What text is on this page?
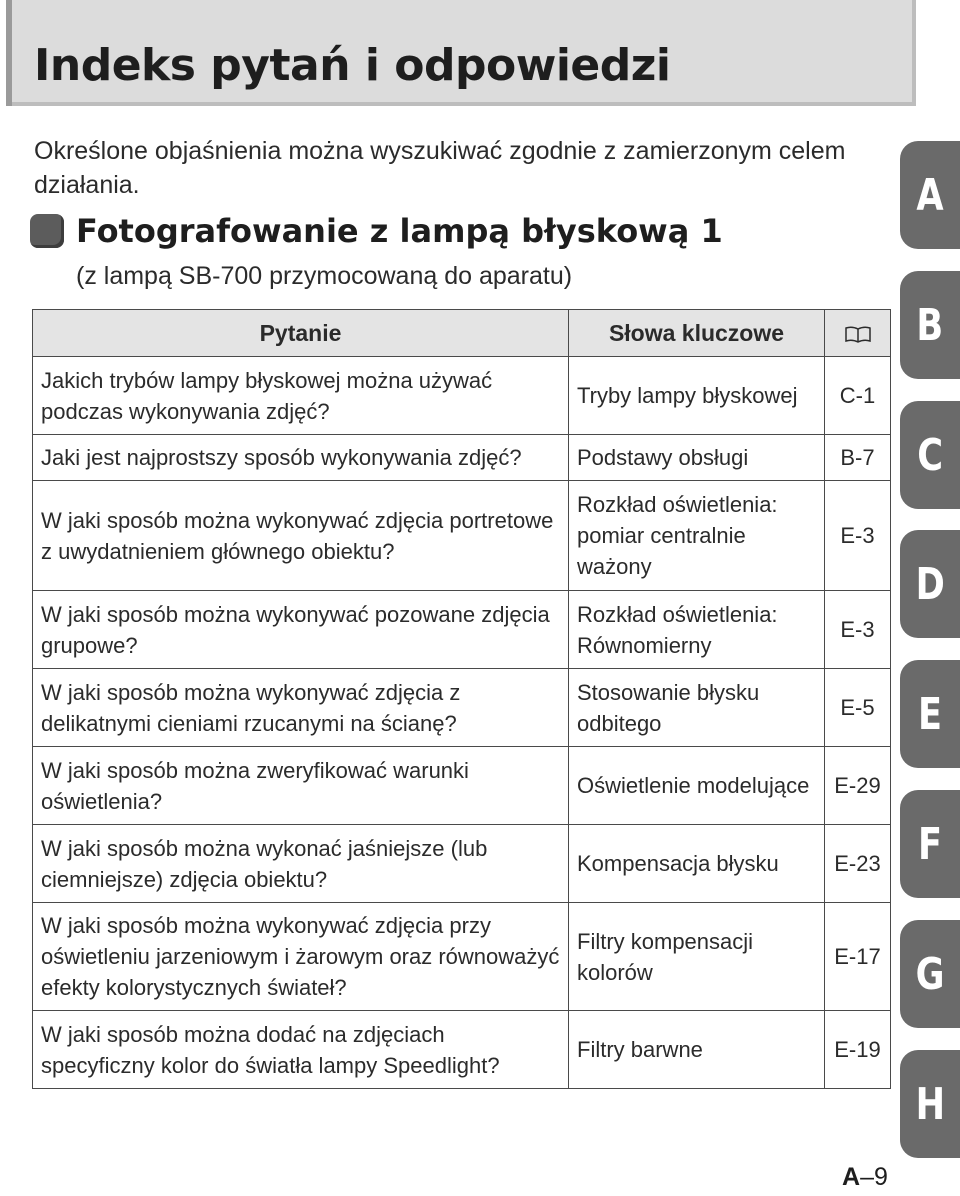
Indeks pytań i odpowiedzi
Określone objaśnienia można wyszukiwać zgodnie z zamierzonym celem działania.
Fotografowanie z lampą błyskową 1
(z lampą SB-700 przymocowaną do aparatu)
Pytanie	Słowa kluczowe	
Jakich trybów lampy błyskowej można używać podczas wykonywania zdjęć?	Tryby lampy błyskowej	C-1
Jaki jest najprostszy sposób wykonywania zdjęć?	Podstawy obsługi	B-7
W jaki sposób można wykonywać zdjęcia portretowe z uwydatnieniem głównego obiektu?	Rozkład oświetlenia: pomiar centralnie ważony	E-3
W jaki sposób można wykonywać pozowane zdjęcia grupowe?	Rozkład oświetlenia: Równomierny	E-3
W jaki sposób można wykonywać zdjęcia z delikatnymi cieniami rzucanymi na ścianę?	Stosowanie błysku odbitego	E-5
W jaki sposób można zweryfikować warunki oświetlenia?	Oświetlenie modelujące	E-29
W jaki sposób można wykonać jaśniejsze (lub ciemniejsze) zdjęcia obiektu?	Kompensacja błysku	E-23
W jaki sposób można wykonywać zdjęcia przy oświetleniu jarzeniowym i żarowym oraz równoważyć efekty kolorystycznych świateł?	Filtry kompensacji kolorów	E-17
W jaki sposób można dodać na zdjęciach specyficzny kolor do światła lampy Speedlight?	Filtry barwne	E-19
A
B
C
D
E
F
G
H
A–9
